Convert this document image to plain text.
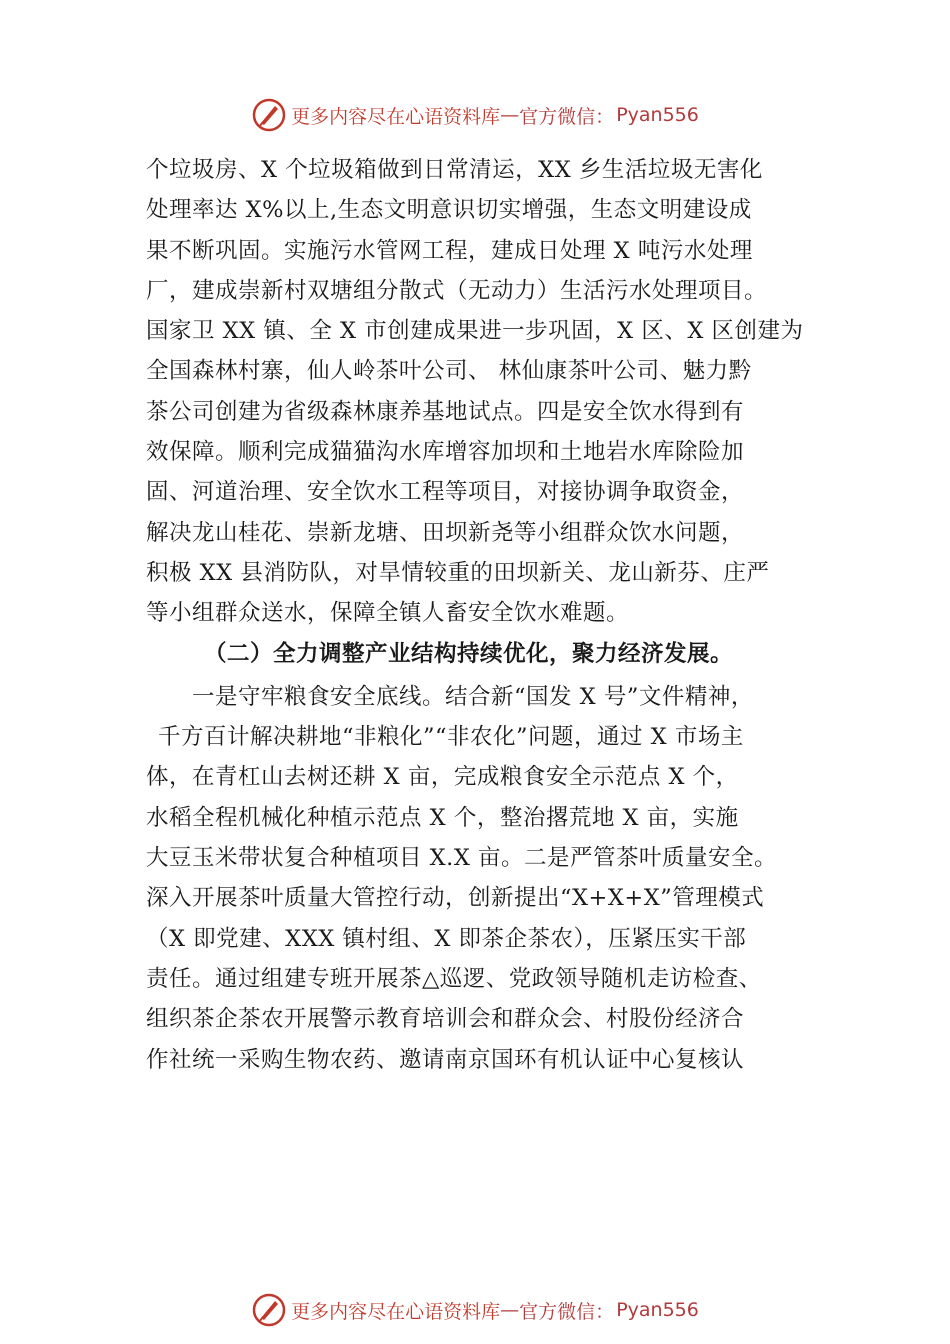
更多内容尽在心语资料库 — 官方微信： Pyan556
个垃圾房、X 个垃圾箱做到日常清运，XX 乡生活垃圾无害化
处理率达 X%以上,生态文明意识切实增强，生态文明建设成
果不断巩固。实施污水管网工程，建成日处理 X 吨污水处理
厂，建成崇新村双塘组分散式（无动力）生活污水处理项目。
国家卫 XX 镇、全 X 市创建成果进一步巩固，X 区、X 区创建为
全国森林村寨，仙人岭茶叶公司、 林仙康茶叶公司、魅力黔
茶公司创建为省级森林康养基地试点。四是安全饮水得到有
效保障。顺利完成猫猫沟水库增容加坝和土地岩水库除险加
固、河道治理、安全饮水工程等项目，对接协调争取资金，
解决龙山桂花、崇新龙塘、田坝新尧等小组群众饮水问题，
积极 XX 县消防队，对旱情较重的田坝新关、龙山新芬、庄严
等小组群众送水，保障全镇人畜安全饮水难题。
（二）全力调整产业结构持续优化，聚力经济发展。
一是守牢粮食安全底线。结合新“国发 X 号”文件精神，
千方百计解决耕地“非粮化”“非农化”问题，通过 X 市场主
体，在青杠山去树还耕 X 亩，完成粮食安全示范点 X 个，
水稻全程机械化种植示范点 X 个，整治撂荒地 X 亩，实施
大豆玉米带状复合种植项目 X.X 亩。二是严管茶叶质量安全。
深入开展茶叶质量大管控行动，创新提出“X+X+X”管理模式
（X 即党建、XXX 镇村组、X 即茶企茶农），压紧压实干部
责任。通过组建专班开展茶△巡逻、党政领导随机走访检查、
组织茶企茶农开展警示教育培训会和群众会、村股份经济合
作社统一采购生物农药、邀请南京国环有机认证中心复核认
更多内容尽在心语资料库 — 官方微信： Pyan556
